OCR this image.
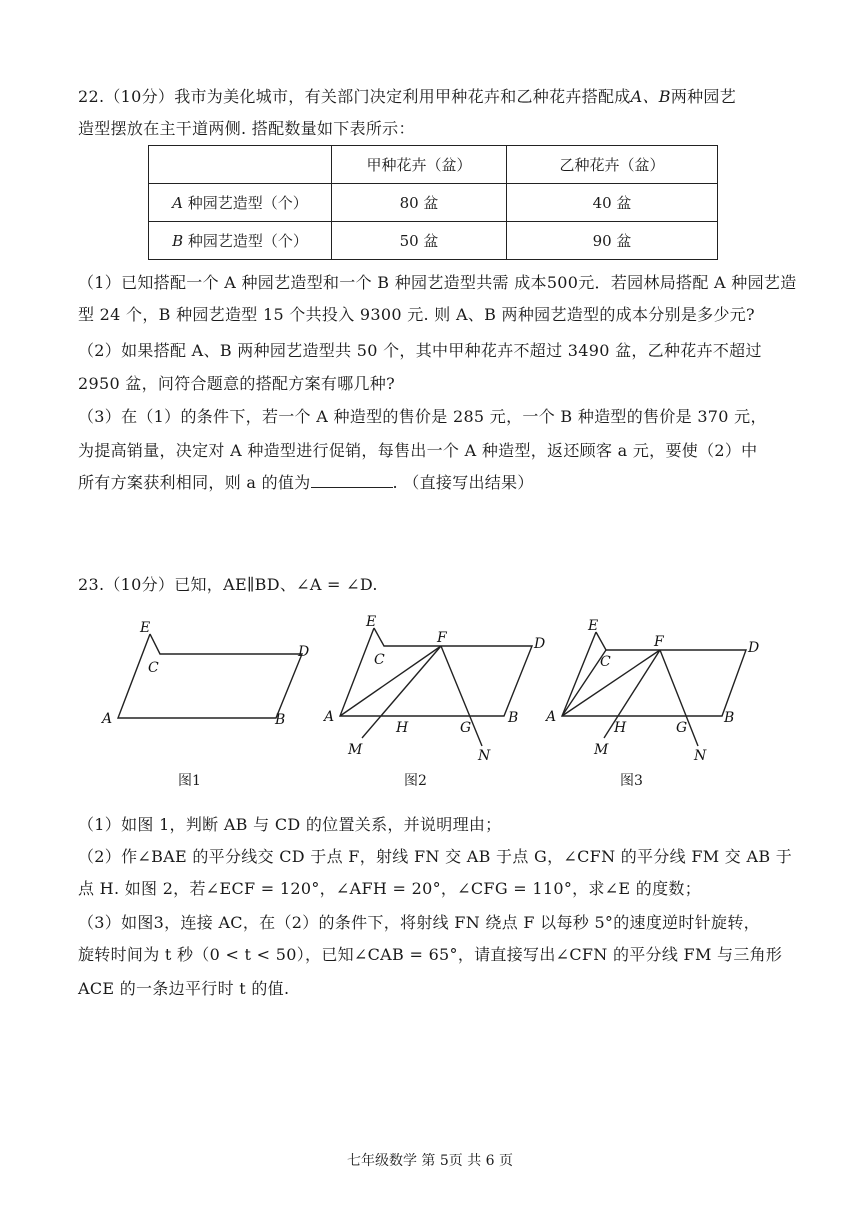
22.（10分）我市为美化城市，有关部门决定利用甲种花卉和乙种花卉搭配成A、B两种园艺
造型摆放在主干道两侧. 搭配数量如下表所示：
	甲种花卉（盆）	乙种花卉（盆）
A 种园艺造型（个）	80 盆	40 盆
B 种园艺造型（个）	50 盆	90 盆
（1）已知搭配一个 A 种园艺造型和一个 B 种园艺造型共需 成本500元．若园林局搭配 A 种园艺造
型 24 个，B 种园艺造型 15 个共投入 9300 元. 则 A、B 两种园艺造型的成本分别是多少元?
（2）如果搭配 A、B 两种园艺造型共 50 个，其中甲种花卉不超过 3490 盆，乙种花卉不超过
2950 盆，问符合题意的搭配方案有哪几种?
（3）在（1）的条件下，若一个 A 种造型的售价是 285 元，一个 B 种造型的售价是 370 元，
为提高销量，决定对 A 种造型进行促销，每售出一个 A 种造型，返还顾客 a 元，要使（2）中
所有方案获利相同，则 a 的值为	. （直接写出结果）
23.（10分）已知，AE∥BD、∠A = ∠D.
E
C
D
A	B
图1
E
C
F	D
A
H	G
B
M	N
图2
E
C
F	D
A
H	G
B
M	N
图3
（1）如图 1，判断 AB 与 CD 的位置关系，并说明理由；
（2）作∠BAE 的平分线交 CD 于点 F，射线 FN 交 AB 于点 G，∠CFN 的平分线 FM 交 AB 于
点 H. 如图 2，若∠ECF = 120°，∠AFH = 20°，∠CFG = 110°，求∠E 的度数；
（3）如图3，连接 AC，在（2）的条件下，将射线 FN 绕点 F 以每秒 5°的速度逆时针旋转，
旋转时间为 t 秒（0 < t < 50），已知∠CAB = 65°，请直接写出∠CFN 的平分线 FM 与三角形
ACE 的一条边平行时 t 的值.
七年级数学 第 5页 共 6 页
